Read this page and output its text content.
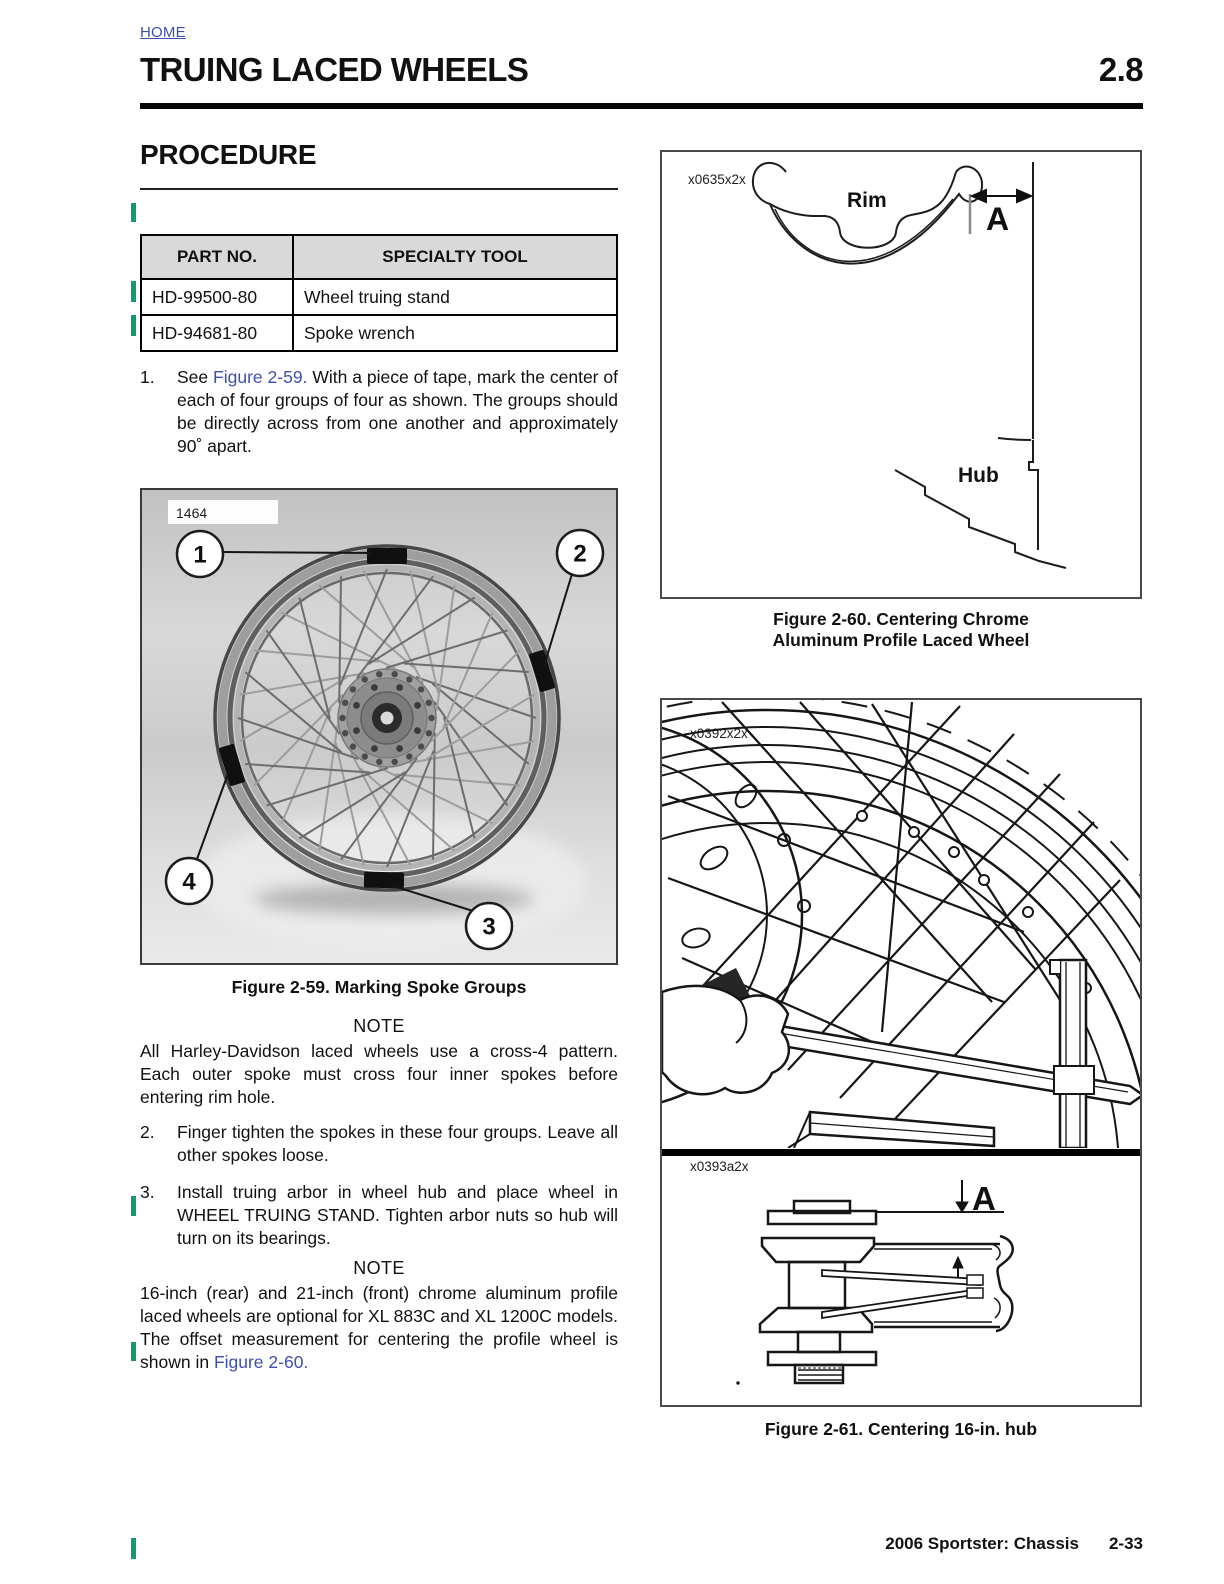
HOME
TRUING LACED WHEELS	2.8
PROCEDURE
PART NO.	SPECIALTY TOOL
HD-99500-80	Wheel truing stand
HD-94681-80	Spoke wrench
1. See Figure 2-59. With a piece of tape, mark the center of each of four groups of four as shown. The groups should be directly across from one another and approximately 90˚ apart.
1464
1	2
3
4
Figure 2-59. Marking Spoke Groups
NOTE
All Harley-Davidson laced wheels use a cross-4 pattern. Each outer spoke must cross four inner spokes before entering rim hole.
2. Finger tighten the spokes in these four groups. Leave all other spokes loose.
3. Install truing arbor in wheel hub and place wheel in WHEEL TRUING STAND. Tighten arbor nuts so hub will turn on its bearings.
NOTE
16-inch (rear) and 21-inch (front) chrome aluminum profile laced wheels are optional for XL 883C and XL 1200C models. The offset measurement for centering the profile wheel is shown in Figure 2-60.
x0635x2x
Rim
A
Hub
Figure 2-60. Centering Chrome
Aluminum Profile Laced Wheel
x0392x2x
x0393a2x
A
Figure 2-61. Centering 16-in. hub
2006 Sportster: Chassis 2-33
